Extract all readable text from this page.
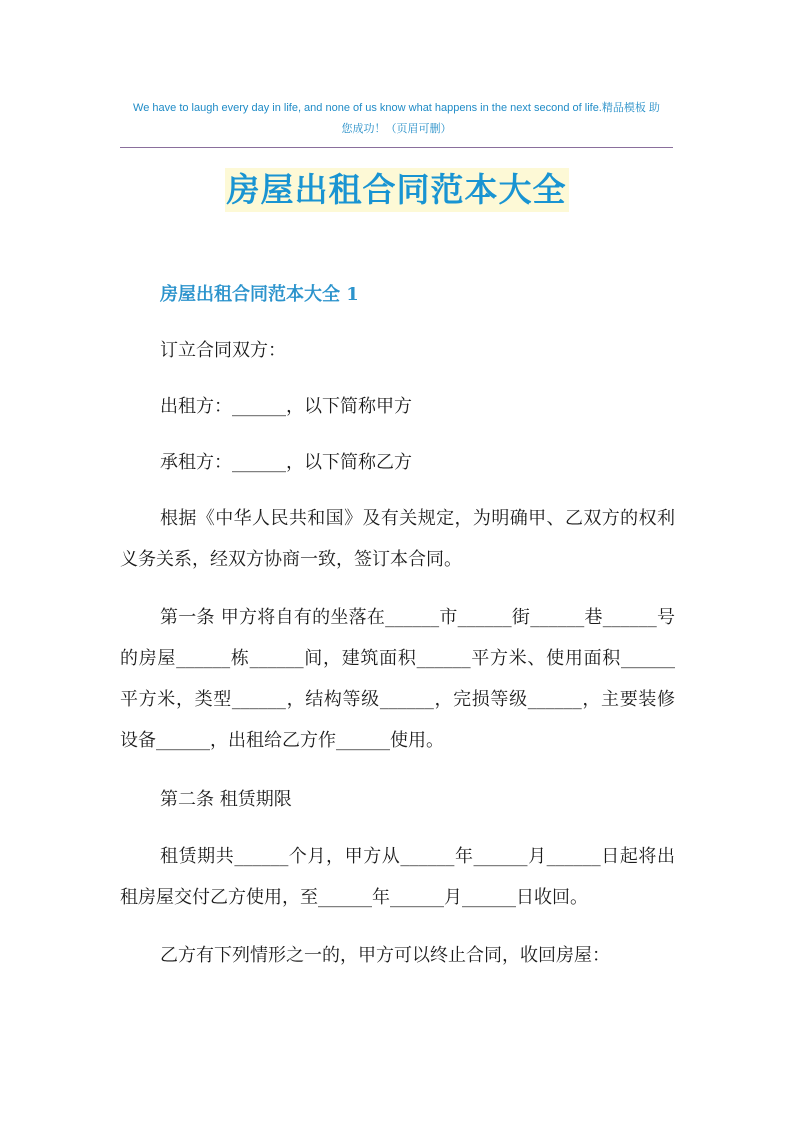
We have to laugh every day in life, and none of us know what happens in the next second of life.精品模板 助
您成功！（页眉可删）
房屋出租合同范本大全
房屋出租合同范本大全 1

订立合同双方：

出租方：______，以下简称甲方

承租方：______，以下简称乙方

根据《中华人民共和国》及有关规定，为明确甲、乙双方的权利义务关系，经双方协商一致，签订本合同。

第一条 甲方将自有的坐落在______市______街______巷______号的房屋______栋______间，建筑面积______平方米、使用面积______平方米，类型______，结构等级______，完损等级______，主要装修设备______，出租给乙方作______使用。

第二条 租赁期限

租赁期共______个月，甲方从______年______月______日起将出租房屋交付乙方使用，至______年______月______日收回。

乙方有下列情形之一的，甲方可以终止合同，收回房屋：
